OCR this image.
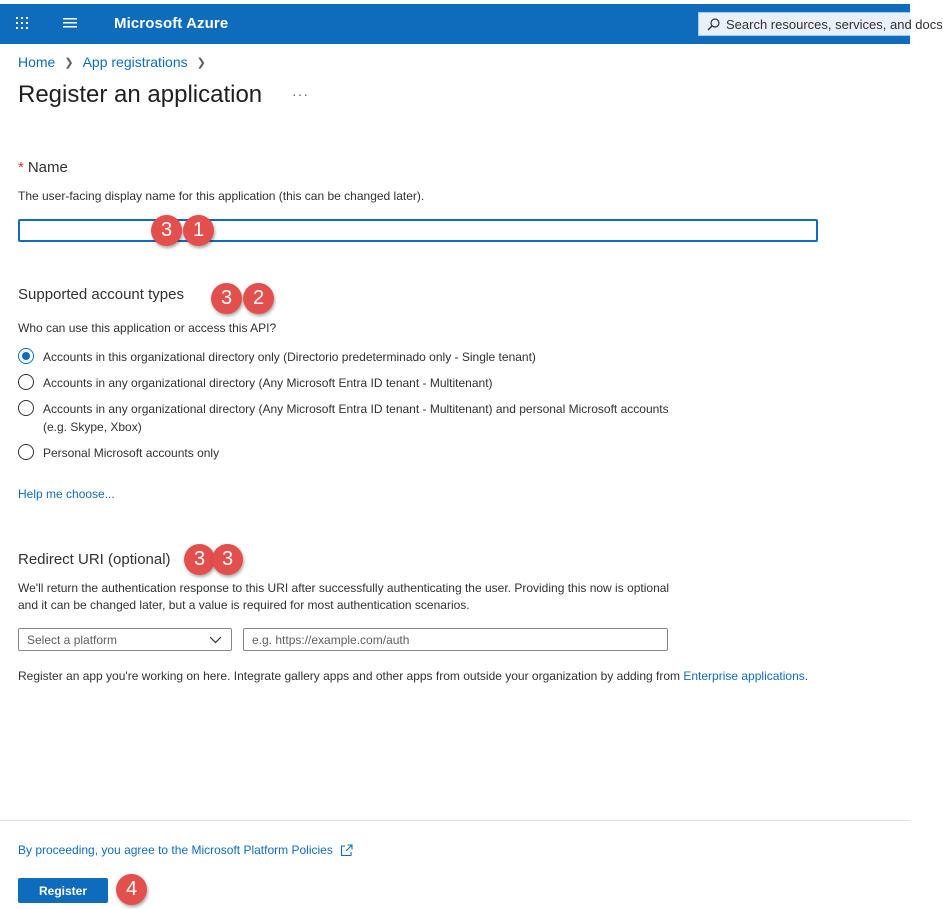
Microsoft Azure	Search resources, services, and docs
Home ❯ App registrations ❯
Register an application ···
* Name
The user-facing display name for this application (this can be changed later).
Supported account types
Who can use this application or access this API?
Accounts in this organizational directory only (Directorio predeterminado only - Single tenant)
Accounts in any organizational directory (Any Microsoft Entra ID tenant - Multitenant)
Accounts in any organizational directory (Any Microsoft Entra ID tenant - Multitenant) and personal Microsoft accounts (e.g. Skype, Xbox)
Personal Microsoft accounts only
Help me choose...
Redirect URI (optional)
We'll return the authentication response to this URI after successfully authenticating the user. Providing this now is optional and it can be changed later, but a value is required for most authentication scenarios.
Select a platform
e.g. https://example.com/auth
Register an app you're working on here. Integrate gallery apps and other apps from outside your organization by adding from Enterprise applications.
By proceeding, you agree to the Microsoft Platform Policies
Register
3	1
3	2
3 3
4
